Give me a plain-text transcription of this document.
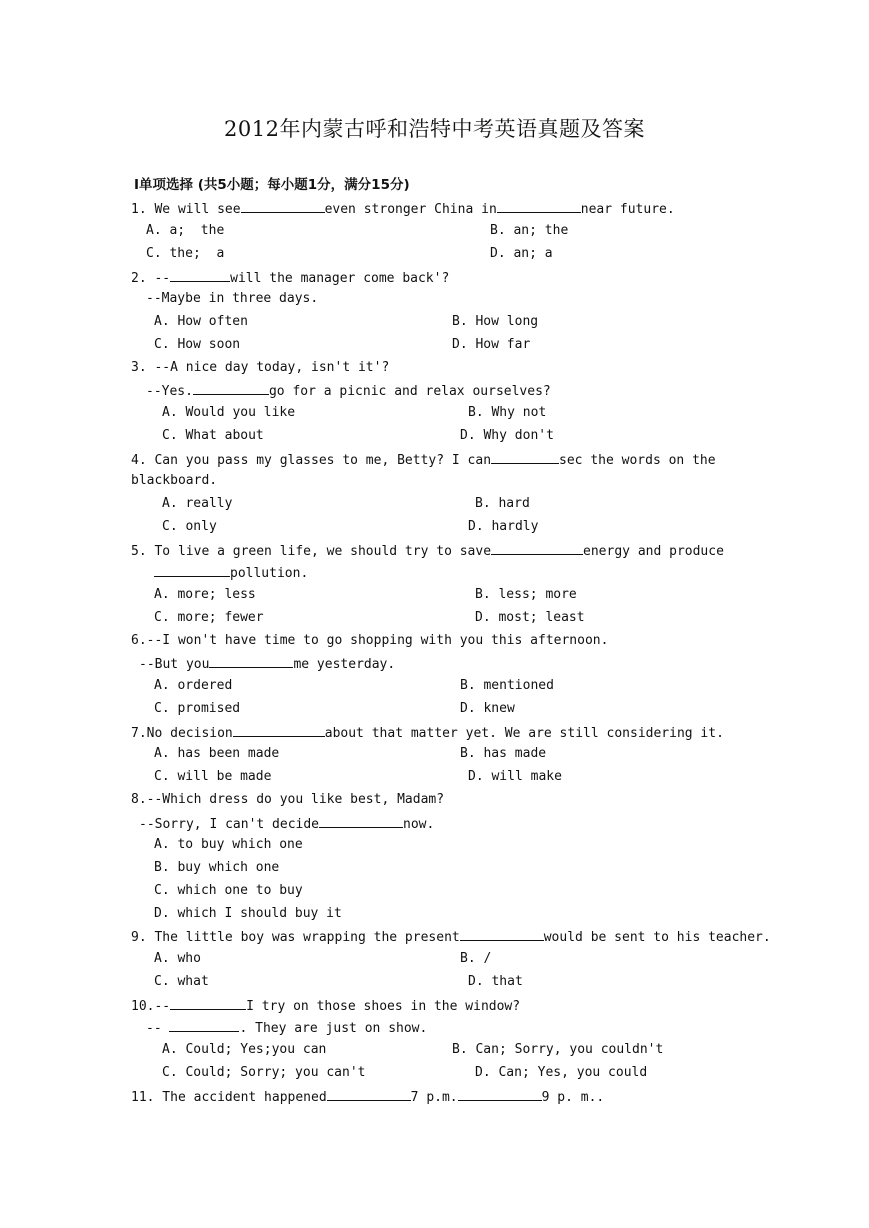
2012年内蒙古呼和浩特中考英语真题及答案
Ⅰ单项选择 (共5小题；每小题1分，满分15分)
1. We will see	even stronger China in	near future.
A. a;  the	B. an; the
C. the;  a	D. an; a
2. --	will the manager come back'?
--Maybe in three days.
A. How often	B. How long
C. How soon	D. How far
3. --A nice day today, isn't it'?
--Yes.	go for a picnic and relax ourselves?
A. Would you like	B. Why not
C. What about	D. Why don't
4. Can you pass my glasses to me, Betty? I can	sec the words on the
blackboard.
A. really	B. hard
C. only	D. hardly
5. To live a green life, we should try to save	energy and produce
pollution.
A. more; less	B. less; more
C. more; fewer	D. most; least
6.--I won't have time to go shopping with you this afternoon.
--But you	me yesterday.
A. ordered	B. mentioned
C. promised	D. knew
7.No decision	about that matter yet. We are still considering it.
A. has been made	B. has made
C. will be made	D. will make
8.--Which dress do you like best, Madam?
--Sorry, I can't decide	now.
A. to buy which one
B. buy which one
C. which one to buy
D. which I should buy it
9. The little boy was wrapping the present	would be sent to his teacher.
A. who	B. /
C. what	D. that
10.--	I try on those shoes in the window?
--	. They are just on show.
A. Could; Yes;you can	B. Can; Sorry, you couldn't
C. Could; Sorry; you can't	D. Can; Yes, you could
11. The accident happened	7 p.m.	9 p. m..
